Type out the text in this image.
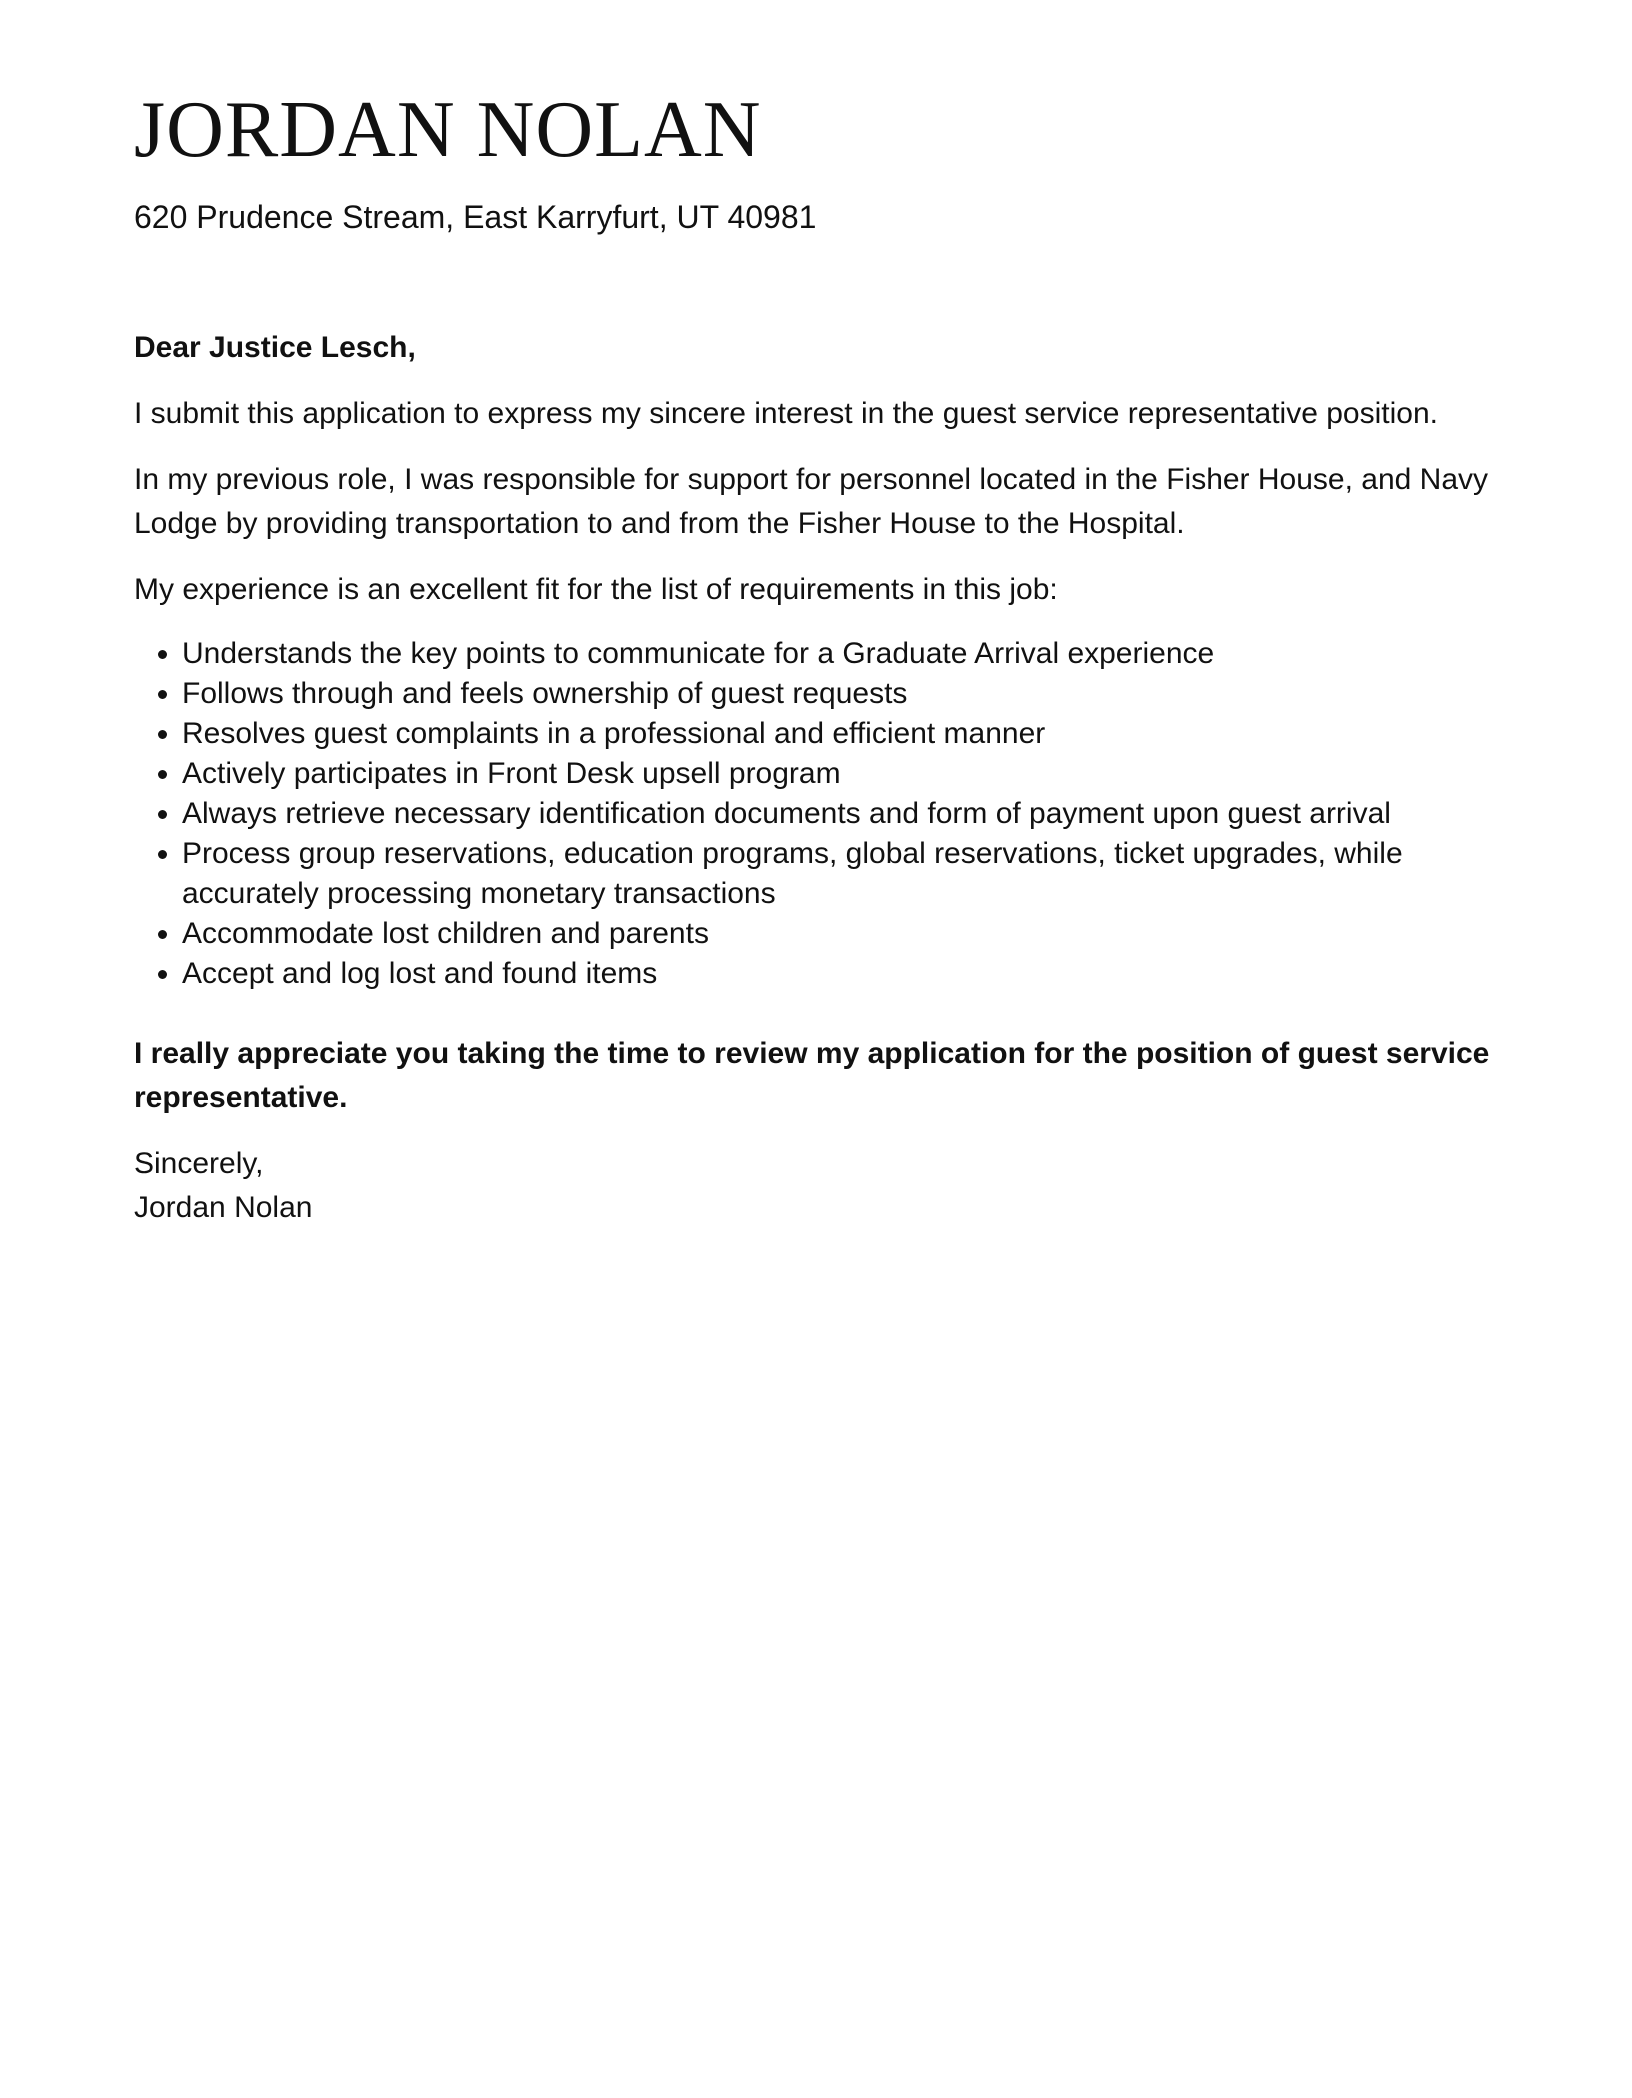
JORDAN NOLAN
620 Prudence Stream, East Karryfurt, UT 40981

Dear Justice Lesch,

I submit this application to express my sincere interest in the guest service representative position.

In my previous role, I was responsible for support for personnel located in the Fisher House, and Navy Lodge by providing transportation to and from the Fisher House to the Hospital.

My experience is an excellent fit for the list of requirements in this job:

• Understands the key points to communicate for a Graduate Arrival experience
• Follows through and feels ownership of guest requests
• Resolves guest complaints in a professional and efficient manner
• Actively participates in Front Desk upsell program
• Always retrieve necessary identification documents and form of payment upon guest arrival
• Process group reservations, education programs, global reservations, ticket upgrades, while accurately processing monetary transactions
• Accommodate lost children and parents
• Accept and log lost and found items

I really appreciate you taking the time to review my application for the position of guest service representative.

Sincerely,
Jordan Nolan
